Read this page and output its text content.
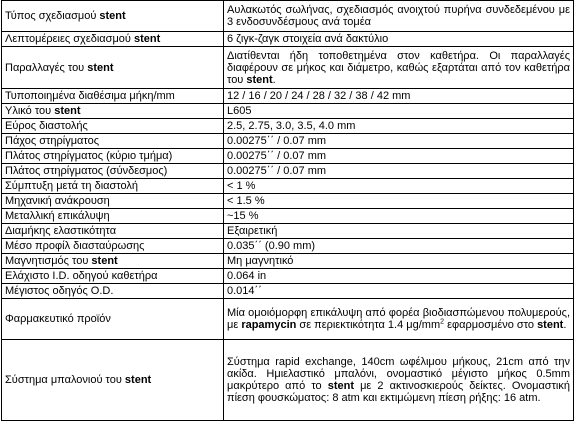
Τύπος σχεδιασμού stent	Αυλακωτός σωλήνας, σχεδιασμός ανοιχτού πυρήνα συνδεδεμένου με 3 ενδοσυνδέσμους ανά τομέα
Λεπτομέρειες σχεδιασμού stent	6 ζιγκ-ζαγκ στοιχεία ανά δακτύλιο
Παραλλαγές του stent	Διατίθενται ήδη τοποθετημένα στον καθετήρα. Οι παραλλαγές διαφέρουν σε μήκος και διάμετρο, καθώς εξαρτάται από τον καθετήρα του stent.
Τυποποιημένα διαθέσιμα μήκη/mm	12 / 16 / 20 / 24 / 28 / 32 / 38 / 42 mm
Υλικό του stent	L605
Εύρος διαστολής	2.5, 2.75, 3.0, 3.5, 4.0 mm
Πάχος στηρίγματος	0.00275΄΄ / 0.07 mm
Πλάτος στηρίγματος (κύριο τμήμα)	0.00275΄΄ / 0.07 mm
Πλάτος στηρίγματος (σύνδεσμος)	0.00275΄΄ / 0.07 mm
Σύμπτυξη μετά τη διαστολή	< 1 %
Μηχανική ανάκρουση	< 1.5 %
Μεταλλική επικάλυψη	~15 %
Διαμήκης ελαστικότητα	Εξαιρετική
Μέσο προφίλ διασταύρωσης	0.035΄΄ (0.90 mm)
Μαγνητισμός του stent	Μη μαγνητικό
Ελάχιστο I.D. οδηγού καθετήρα	0.064 in
Μέγιστος οδηγός O.D.	0.014΄΄
Φαρμακευτικό προϊόν	Μία ομοιόμορφη επικάλυψη από φορέα βιοδιασπώμενου πολυμερούς, με rapamycin σε περιεκτικότητα 1.4 $\mu g/mm^2$ εφαρμοσμένο στο stent.
Σύστημα μπαλονιού του stent	Σύστημα rapid exchange, 140cm ωφέλιμου μήκους, 21cm από την ακίδα. Ημιελαστικό μπαλόνι, ονομαστικό μέγιστο μήκος 0.5mm μακρύτερο από το stent με 2 ακτινοσκιερούς δείκτες. Ονομαστική πίεση φουσκώματος: 8 atm και εκτιμώμενη πίεση ρήξης: 16 atm.
